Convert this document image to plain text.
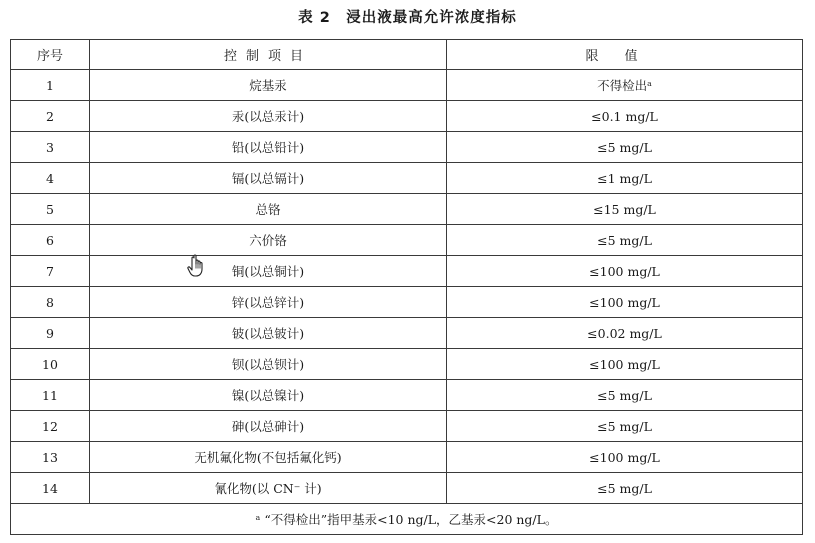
表 2　浸出液最高允许浓度指标
序号	控制项目	限值
1	烷基汞	不得检出ᵃ
2	汞(以总汞计)	≤0.1 mg/L
3	铅(以总铅计)	≤5 mg/L
4	镉(以总镉计)	≤1 mg/L
5	总铬	≤15 mg/L
6	六价铬	≤5 mg/L
7	铜(以总铜计)	≤100 mg/L
8	锌(以总锌计)	≤100 mg/L
9	铍(以总铍计)	≤0.02 mg/L
10	钡(以总钡计)	≤100 mg/L
11	镍(以总镍计)	≤5 mg/L
12	砷(以总砷计)	≤5 mg/L
13	无机氟化物(不包括氟化钙)	≤100 mg/L
14	氰化物(以 CN⁻ 计)	≤5 mg/L
ᵃ “不得检出”指甲基汞<10 ng/L，乙基汞<20 ng/L。		
